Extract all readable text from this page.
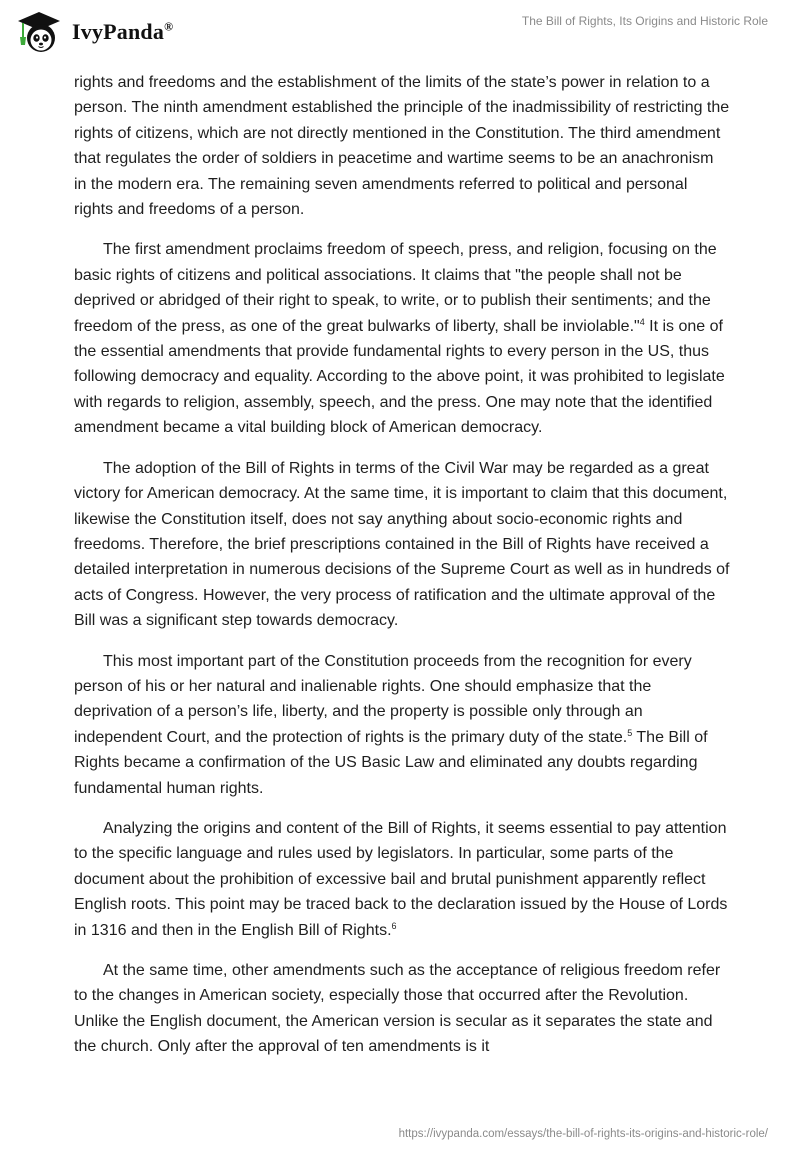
IvyPanda®	The Bill of Rights, Its Origins and Historic Role

rights and freedoms and the establishment of the limits of the state’s power in relation to a person. The ninth amendment established the principle of the inadmissibility of restricting the rights of citizens, which are not directly mentioned in the Constitution. The third amendment that regulates the order of soldiers in peacetime and wartime seems to be an anachronism in the modern era. The remaining seven amendments referred to political and personal rights and freedoms of a person.

The first amendment proclaims freedom of speech, press, and religion, focusing on the basic rights of citizens and political associations. It claims that "the people shall not be deprived or abridged of their right to speak, to write, or to publish their sentiments; and the freedom of the press, as one of the great bulwarks of liberty, shall be inviolable."$^4$ It is one of the essential amendments that provide fundamental rights to every person in the US, thus following democracy and equality. According to the above point, it was prohibited to legislate with regards to religion, assembly, speech, and the press. One may note that the identified amendment became a vital building block of American democracy.

The adoption of the Bill of Rights in terms of the Civil War may be regarded as a great victory for American democracy. At the same time, it is important to claim that this document, likewise the Constitution itself, does not say anything about socio-economic rights and freedoms. Therefore, the brief prescriptions contained in the Bill of Rights have received a detailed interpretation in numerous decisions of the Supreme Court as well as in hundreds of acts of Congress. However, the very process of ratification and the ultimate approval of the Bill was a significant step towards democracy.

This most important part of the Constitution proceeds from the recognition for every person of his or her natural and inalienable rights. One should emphasize that the deprivation of a person’s life, liberty, and the property is possible only through an independent Court, and the protection of rights is the primary duty of the state.$^5$ The Bill of Rights became a confirmation of the US Basic Law and eliminated any doubts regarding fundamental human rights.

Analyzing the origins and content of the Bill of Rights, it seems essential to pay attention to the specific language and rules used by legislators. In particular, some parts of the document about the prohibition of excessive bail and brutal punishment apparently reflect English roots. This point may be traced back to the declaration issued by the House of Lords in 1316 and then in the English Bill of Rights.$^6$

At the same time, other amendments such as the acceptance of religious freedom refer to the changes in American society, especially those that occurred after the Revolution. Unlike the English document, the American version is secular as it separates the state and the church. Only after the approval of ten amendments is it

https://ivypanda.com/essays/the-bill-of-rights-its-origins-and-historic-role/
